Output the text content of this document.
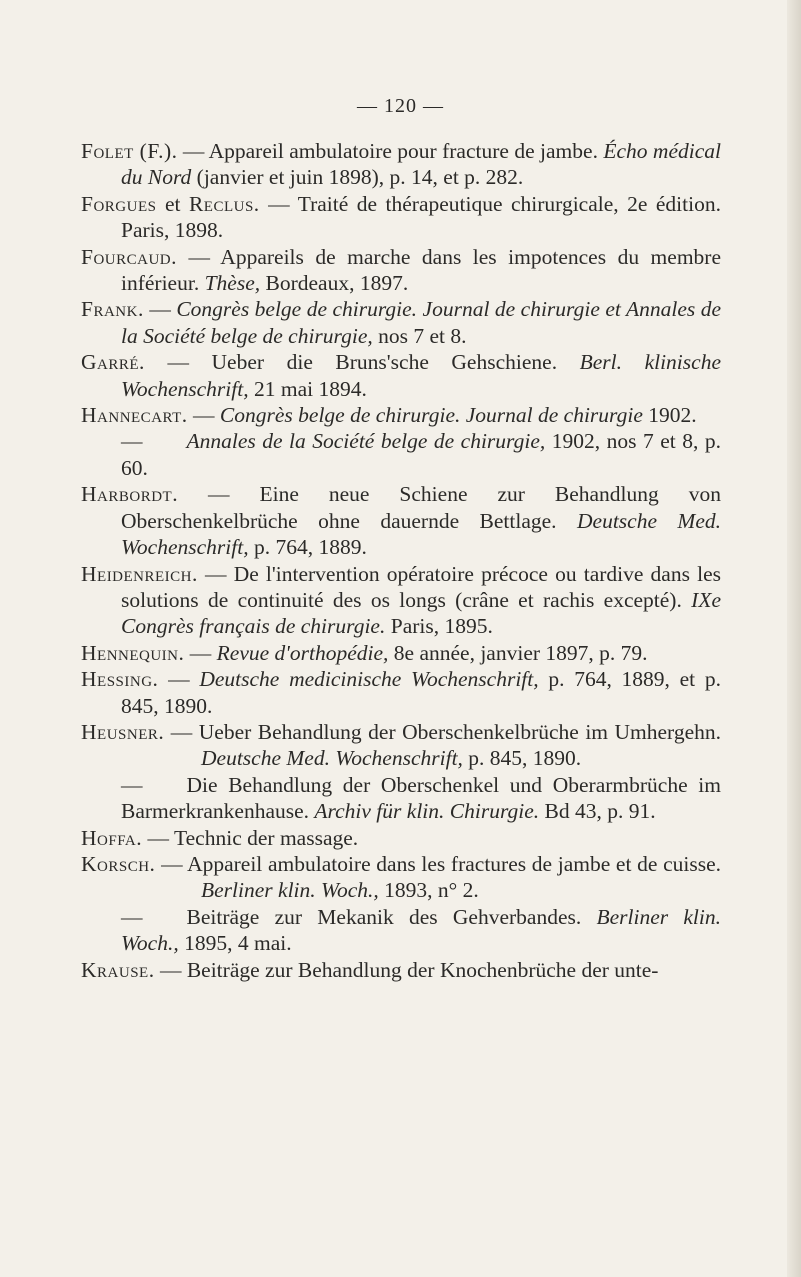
— 120 —

Folet (F.). — Appareil ambulatoire pour fracture de jambe. Écho médical du Nord (janvier et juin 1898), p. 14, et p. 282.

Forgues et Reclus. — Traité de thérapeutique chirurgicale, 2e édition. Paris, 1898.

Fourcaud. — Appareils de marche dans les impotences du membre inférieur. Thèse, Bordeaux, 1897.

Frank. — Congrès belge de chirurgie. Journal de chirurgie et Annales de la Société belge de chirurgie, nos 7 et 8.

Garré. — Ueber die Bruns'sche Gehschiene. Berl. klinische Wochenschrift, 21 mai 1894.

Hannecart. — Congrès belge de chirurgie. Journal de chirurgie 1902.

— Annales de la Société belge de chirurgie, 1902, nos 7 et 8, p. 60.

Harbordt. — Eine neue Schiene zur Behandlung von Oberschenkelbrüche ohne dauernde Bettlage. Deutsche Med. Wochenschrift, p. 764, 1889.

Heidenreich. — De l'intervention opératoire précoce ou tardive dans les solutions de continuité des os longs (crâne et rachis excepté). IXe Congrès français de chirurgie. Paris, 1895.

Hennequin. — Revue d'orthopédie, 8e année, janvier 1897, p. 79.

Hessing. — Deutsche medicinische Wochenschrift, p. 764, 1889, et p. 845, 1890.

Heusner. — Ueber Behandlung der Oberschenkelbrüche im Umhergehn. Deutsche Med. Wochenschrift, p. 845, 1890.

— Die Behandlung der Oberschenkel und Oberarmbrüche im Barmerkrankenhause. Archiv für klin. Chirurgie. Bd 43, p. 91.

Hoffa. — Technic der massage.

Korsch. — Appareil ambulatoire dans les fractures de jambe et de cuisse. Berliner klin. Woch., 1893, n° 2.

— Beiträge zur Mekanik des Gehverbandes. Berliner klin. Woch., 1895, 4 mai.

Krause. — Beiträge zur Behandlung der Knochenbrüche der unte-
